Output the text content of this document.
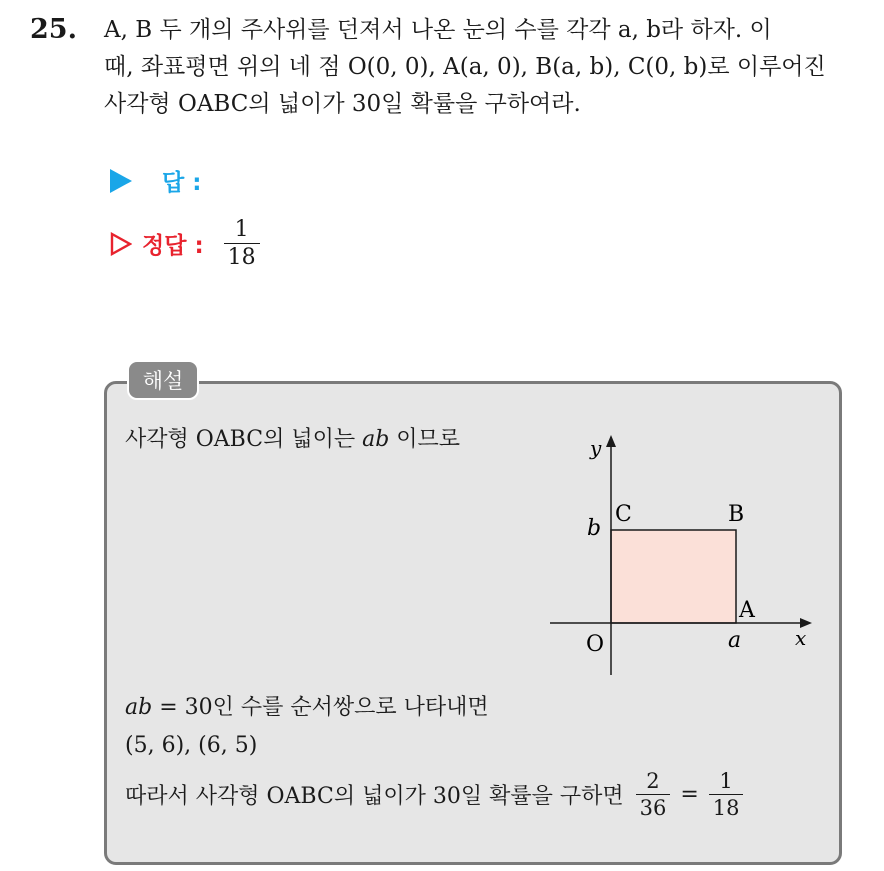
25. A, B 두 개의 주사위를 던져서 나온 눈의 수를 각각 a, b라 하자. 이
때, 좌표평면 위의 네 점 O(0, 0), A(a, 0), B(a, b), C(0, b)로 이루어진
사각형 OABC의 넓이가 30일 확률을 구하여라.
답 :
정답 : $\frac{1}{18}$
해설
사각형 OABC의 넓이는 ab 이므로	y
x
O
A
B
C
a
b
ab = 30인 수를 순서쌍으로 나타내면
(5, 6), (6, 5)
따라서 사각형 OABC의 넓이가 30일 확률을 구하면 $\frac{2}{36} = \frac{1}{18}$
